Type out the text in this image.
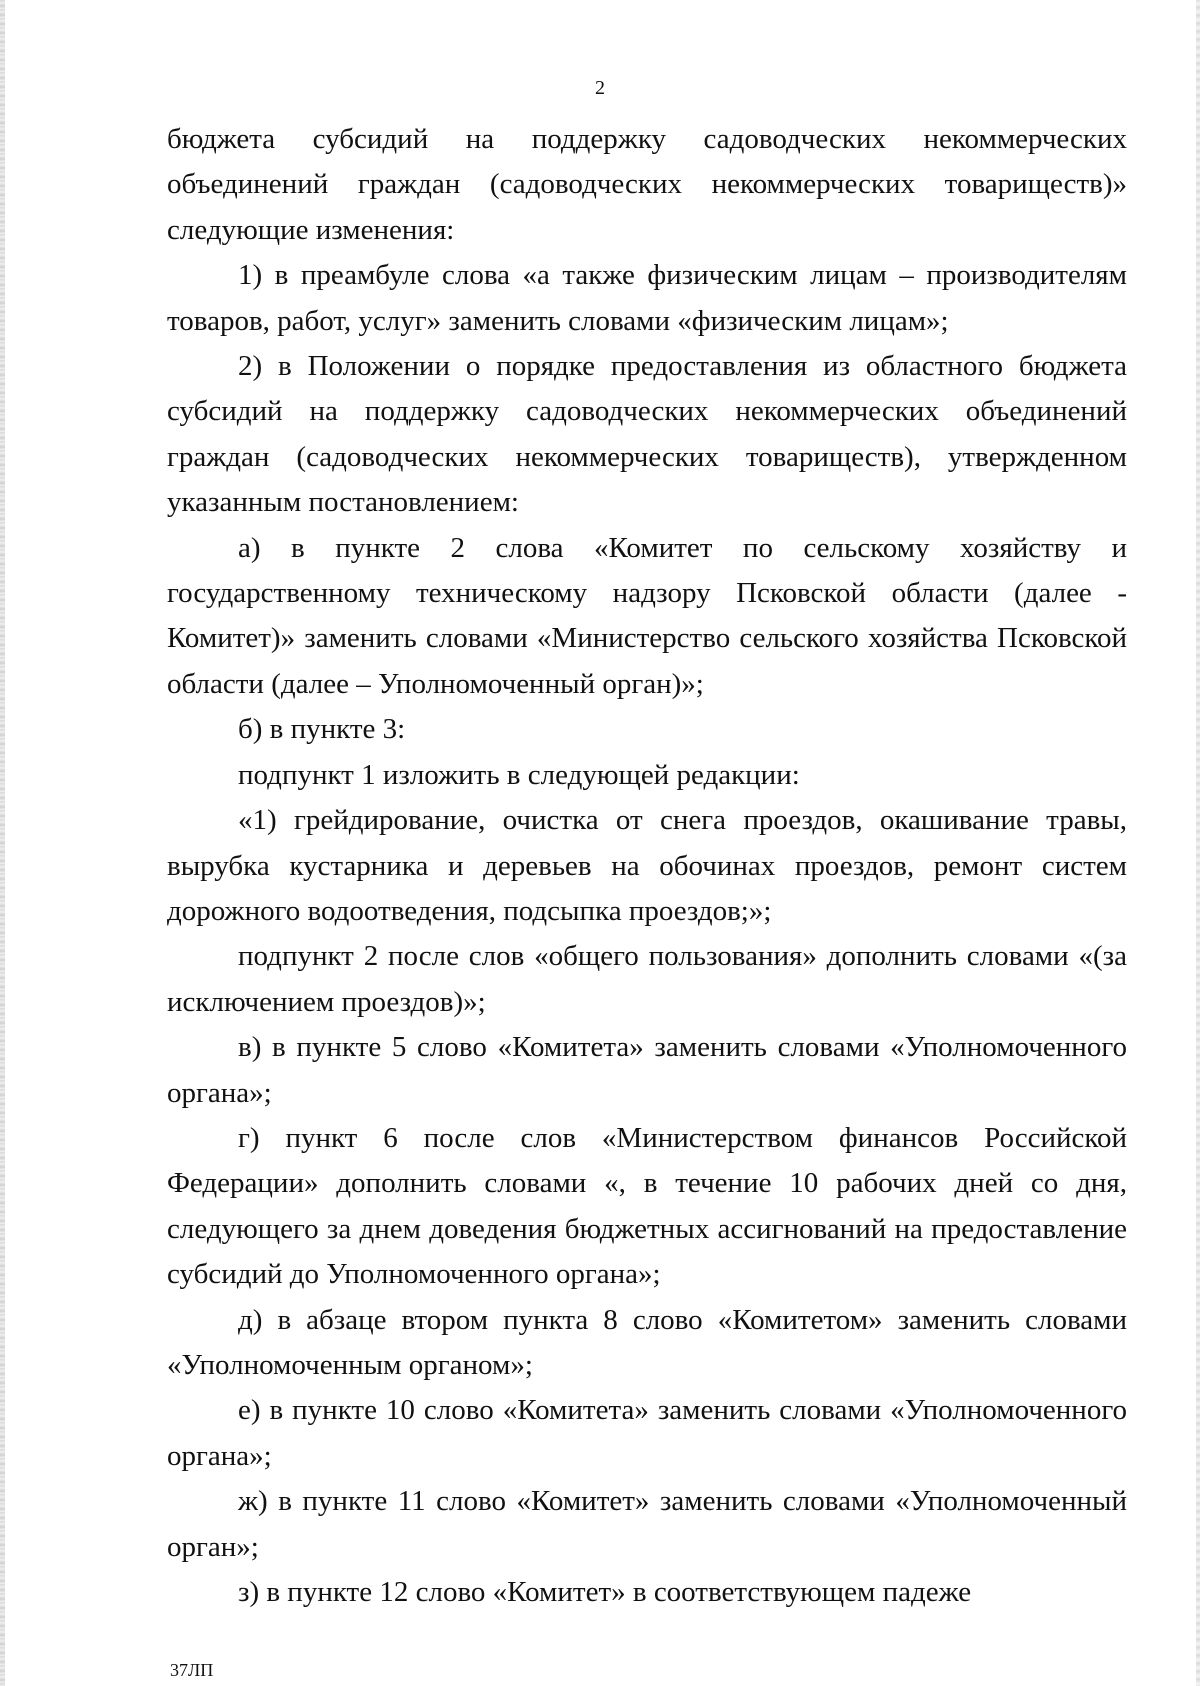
2

бюджета субсидий на поддержку садоводческих некоммерческих объединений граждан (садоводческих некоммерческих товариществ)» следующие изменения:

1) в преамбуле слова «а также физическим лицам – производителям товаров, работ, услуг» заменить словами «физическим лицам»;

2) в Положении о порядке предоставления из областного бюджета субсидий на поддержку садоводческих некоммерческих объединений граждан (садоводческих некоммерческих товариществ), утвержденном указанным постановлением:

а) в пункте 2 слова «Комитет по сельскому хозяйству и государственному техническому надзору Псковской области (далее - Комитет)» заменить словами «Министерство сельского хозяйства Псковской области (далее – Уполномоченный орган)»;

б) в пункте 3:

подпункт 1 изложить в следующей редакции:

«1) грейдирование, очистка от снега проездов, окашивание травы, вырубка кустарника и деревьев на обочинах проездов, ремонт систем дорожного водоотведения, подсыпка проездов;»;

подпункт 2 после слов «общего пользования» дополнить словами «(за исключением проездов)»;

в) в пункте 5 слово «Комитета» заменить словами «Уполномоченного органа»;

г) пункт 6 после слов «Министерством финансов Российской Федерации» дополнить словами «, в течение 10 рабочих дней со дня, следующего за днем доведения бюджетных ассигнований на предоставление субсидий до Уполномоченного органа»;

д) в абзаце втором пункта 8 слово «Комитетом» заменить словами «Уполномоченным органом»;

е) в пункте 10 слово «Комитета» заменить словами «Уполномоченного органа»;

ж) в пункте 11 слово «Комитет» заменить словами «Уполномоченный орган»;

з) в пункте 12 слово «Комитет» в соответствующем падеже

37ЛП
